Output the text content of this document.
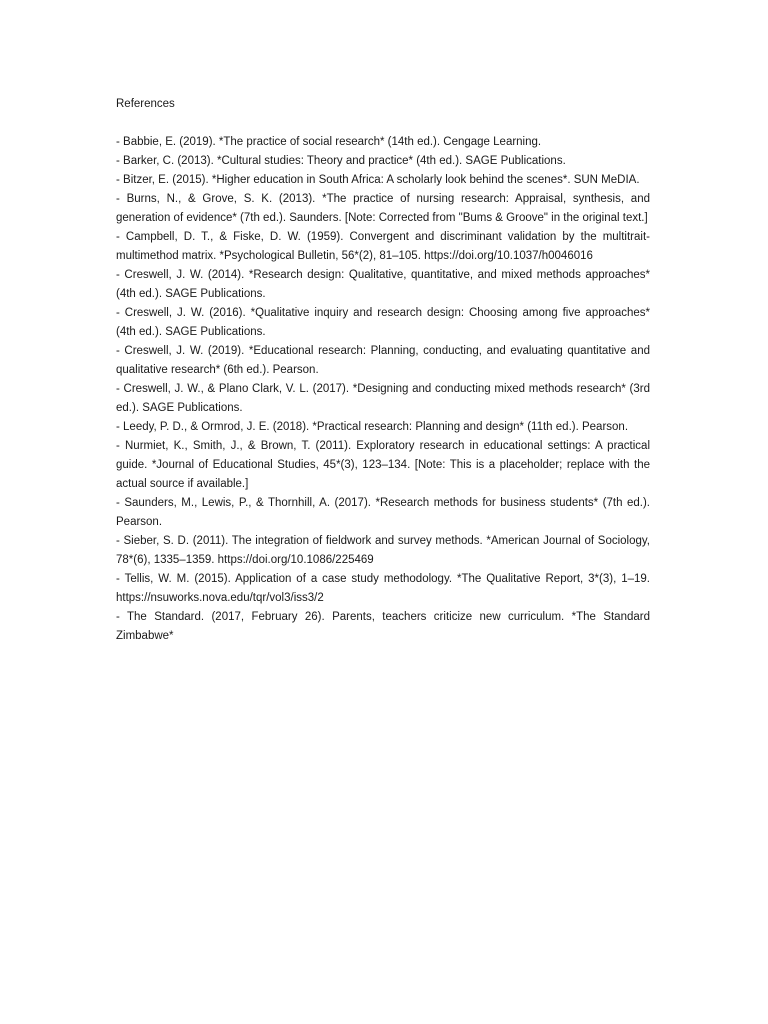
References
- Babbie, E. (2019). *The practice of social research* (14th ed.). Cengage Learning.
- Barker, C. (2013). *Cultural studies: Theory and practice* (4th ed.). SAGE Publications.
- Bitzer, E. (2015). *Higher education in South Africa: A scholarly look behind the scenes*. SUN MeDIA.
- Burns, N., & Grove, S. K. (2013). *The practice of nursing research: Appraisal, synthesis, and generation of evidence* (7th ed.). Saunders. [Note: Corrected from "Bums & Groove" in the original text.]
- Campbell, D. T., & Fiske, D. W. (1959). Convergent and discriminant validation by the multitrait-multimethod matrix. *Psychological Bulletin, 56*(2), 81–105. https://doi.org/10.1037/h0046016
- Creswell, J. W. (2014). *Research design: Qualitative, quantitative, and mixed methods approaches* (4th ed.). SAGE Publications.
- Creswell, J. W. (2016). *Qualitative inquiry and research design: Choosing among five approaches* (4th ed.). SAGE Publications.
- Creswell, J. W. (2019). *Educational research: Planning, conducting, and evaluating quantitative and qualitative research* (6th ed.). Pearson.
- Creswell, J. W., & Plano Clark, V. L. (2017). *Designing and conducting mixed methods research* (3rd ed.). SAGE Publications.
- Leedy, P. D., & Ormrod, J. E. (2018). *Practical research: Planning and design* (11th ed.). Pearson.
- Nurmiet, K., Smith, J., & Brown, T. (2011). Exploratory research in educational settings: A practical guide. *Journal of Educational Studies, 45*(3), 123–134. [Note: This is a placeholder; replace with the actual source if available.]
- Saunders, M., Lewis, P., & Thornhill, A. (2017). *Research methods for business students* (7th ed.). Pearson.
- Sieber, S. D. (2011). The integration of fieldwork and survey methods. *American Journal of Sociology, 78*(6), 1335–1359. https://doi.org/10.1086/225469
- Tellis, W. M. (2015). Application of a case study methodology. *The Qualitative Report, 3*(3), 1–19. https://nsuworks.nova.edu/tqr/vol3/iss3/2
- The Standard. (2017, February 26). Parents, teachers criticize new curriculum. *The Standard Zimbabwe*
